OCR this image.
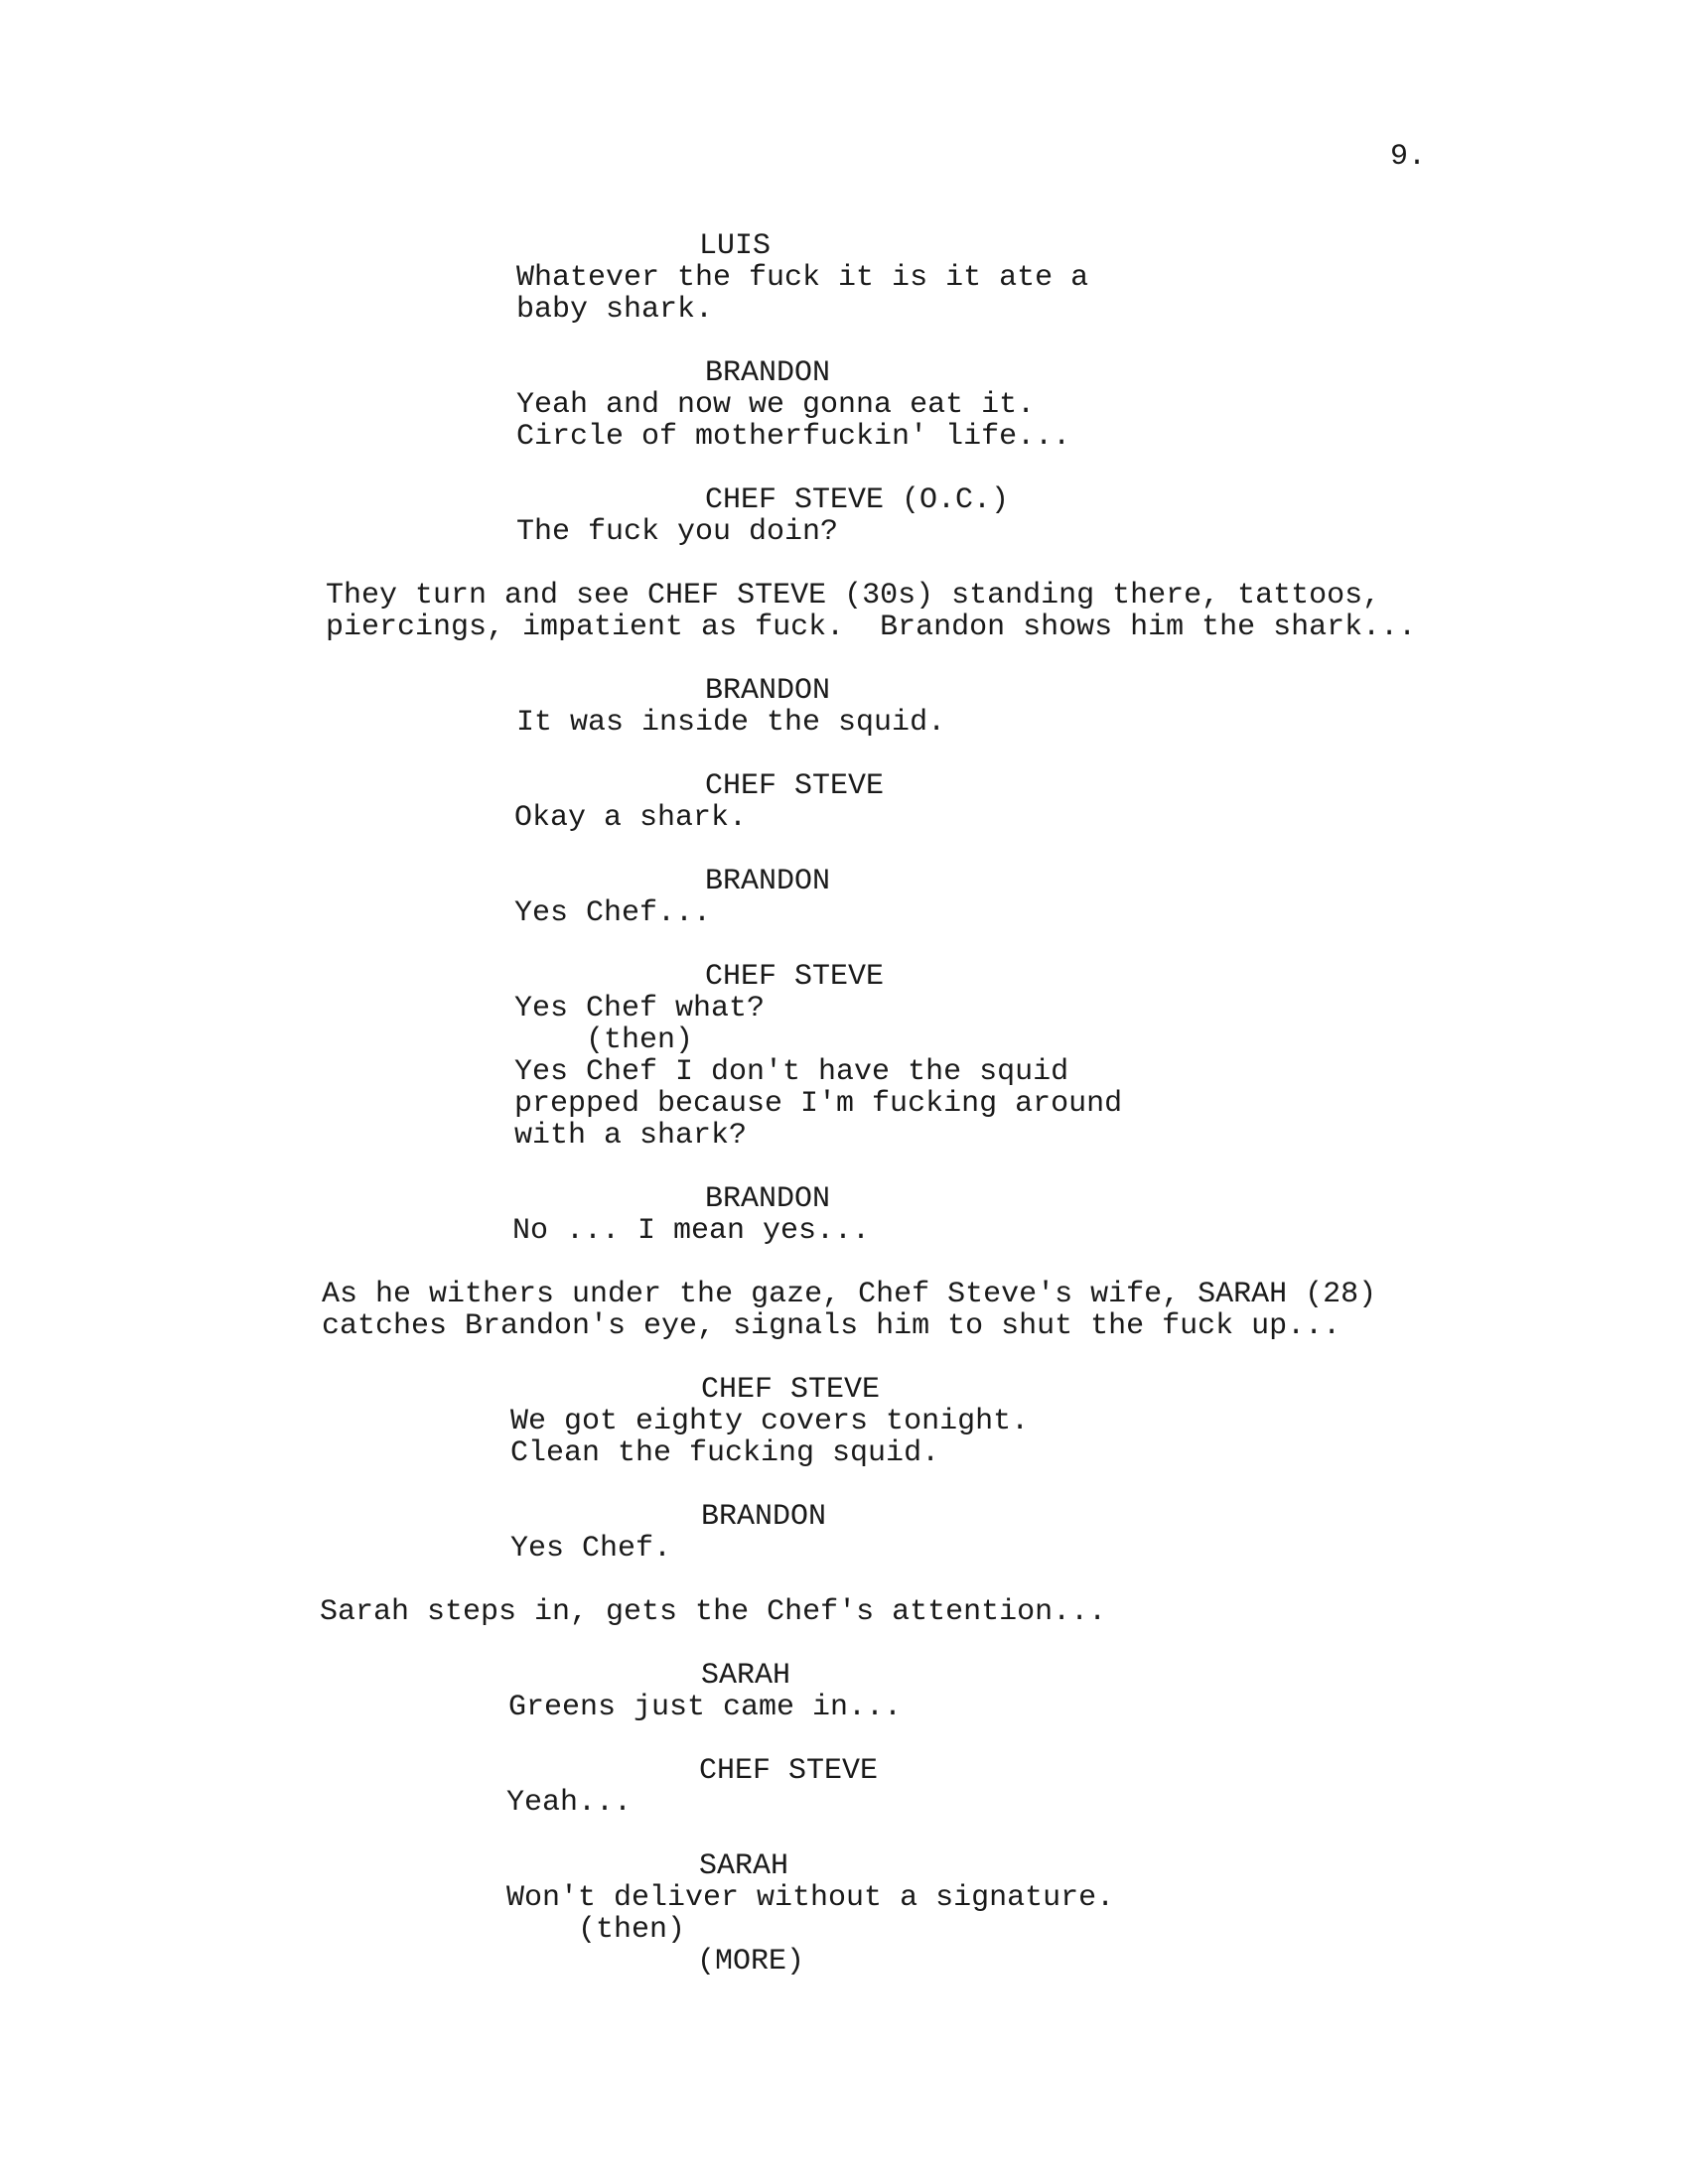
9.
LUIS
Whatever the fuck it is it ate a
baby shark.
BRANDON
Yeah and now we gonna eat it.
Circle of motherfuckin' life...
CHEF STEVE (O.C.)
The fuck you doin?
They turn and see CHEF STEVE (30s) standing there, tattoos,
piercings, impatient as fuck.  Brandon shows him the shark...
BRANDON
It was inside the squid.
CHEF STEVE
Okay a shark.
BRANDON
Yes Chef...
CHEF STEVE
Yes Chef what?
(then)
Yes Chef I don't have the squid
prepped because I'm fucking around
with a shark?
BRANDON
No ... I mean yes...
As he withers under the gaze, Chef Steve's wife, SARAH (28)
catches Brandon's eye, signals him to shut the fuck up...
CHEF STEVE
We got eighty covers tonight.
Clean the fucking squid.
BRANDON
Yes Chef.
Sarah steps in, gets the Chef's attention...
SARAH
Greens just came in...
CHEF STEVE
Yeah...
SARAH
Won't deliver without a signature.
(then)
(MORE)
